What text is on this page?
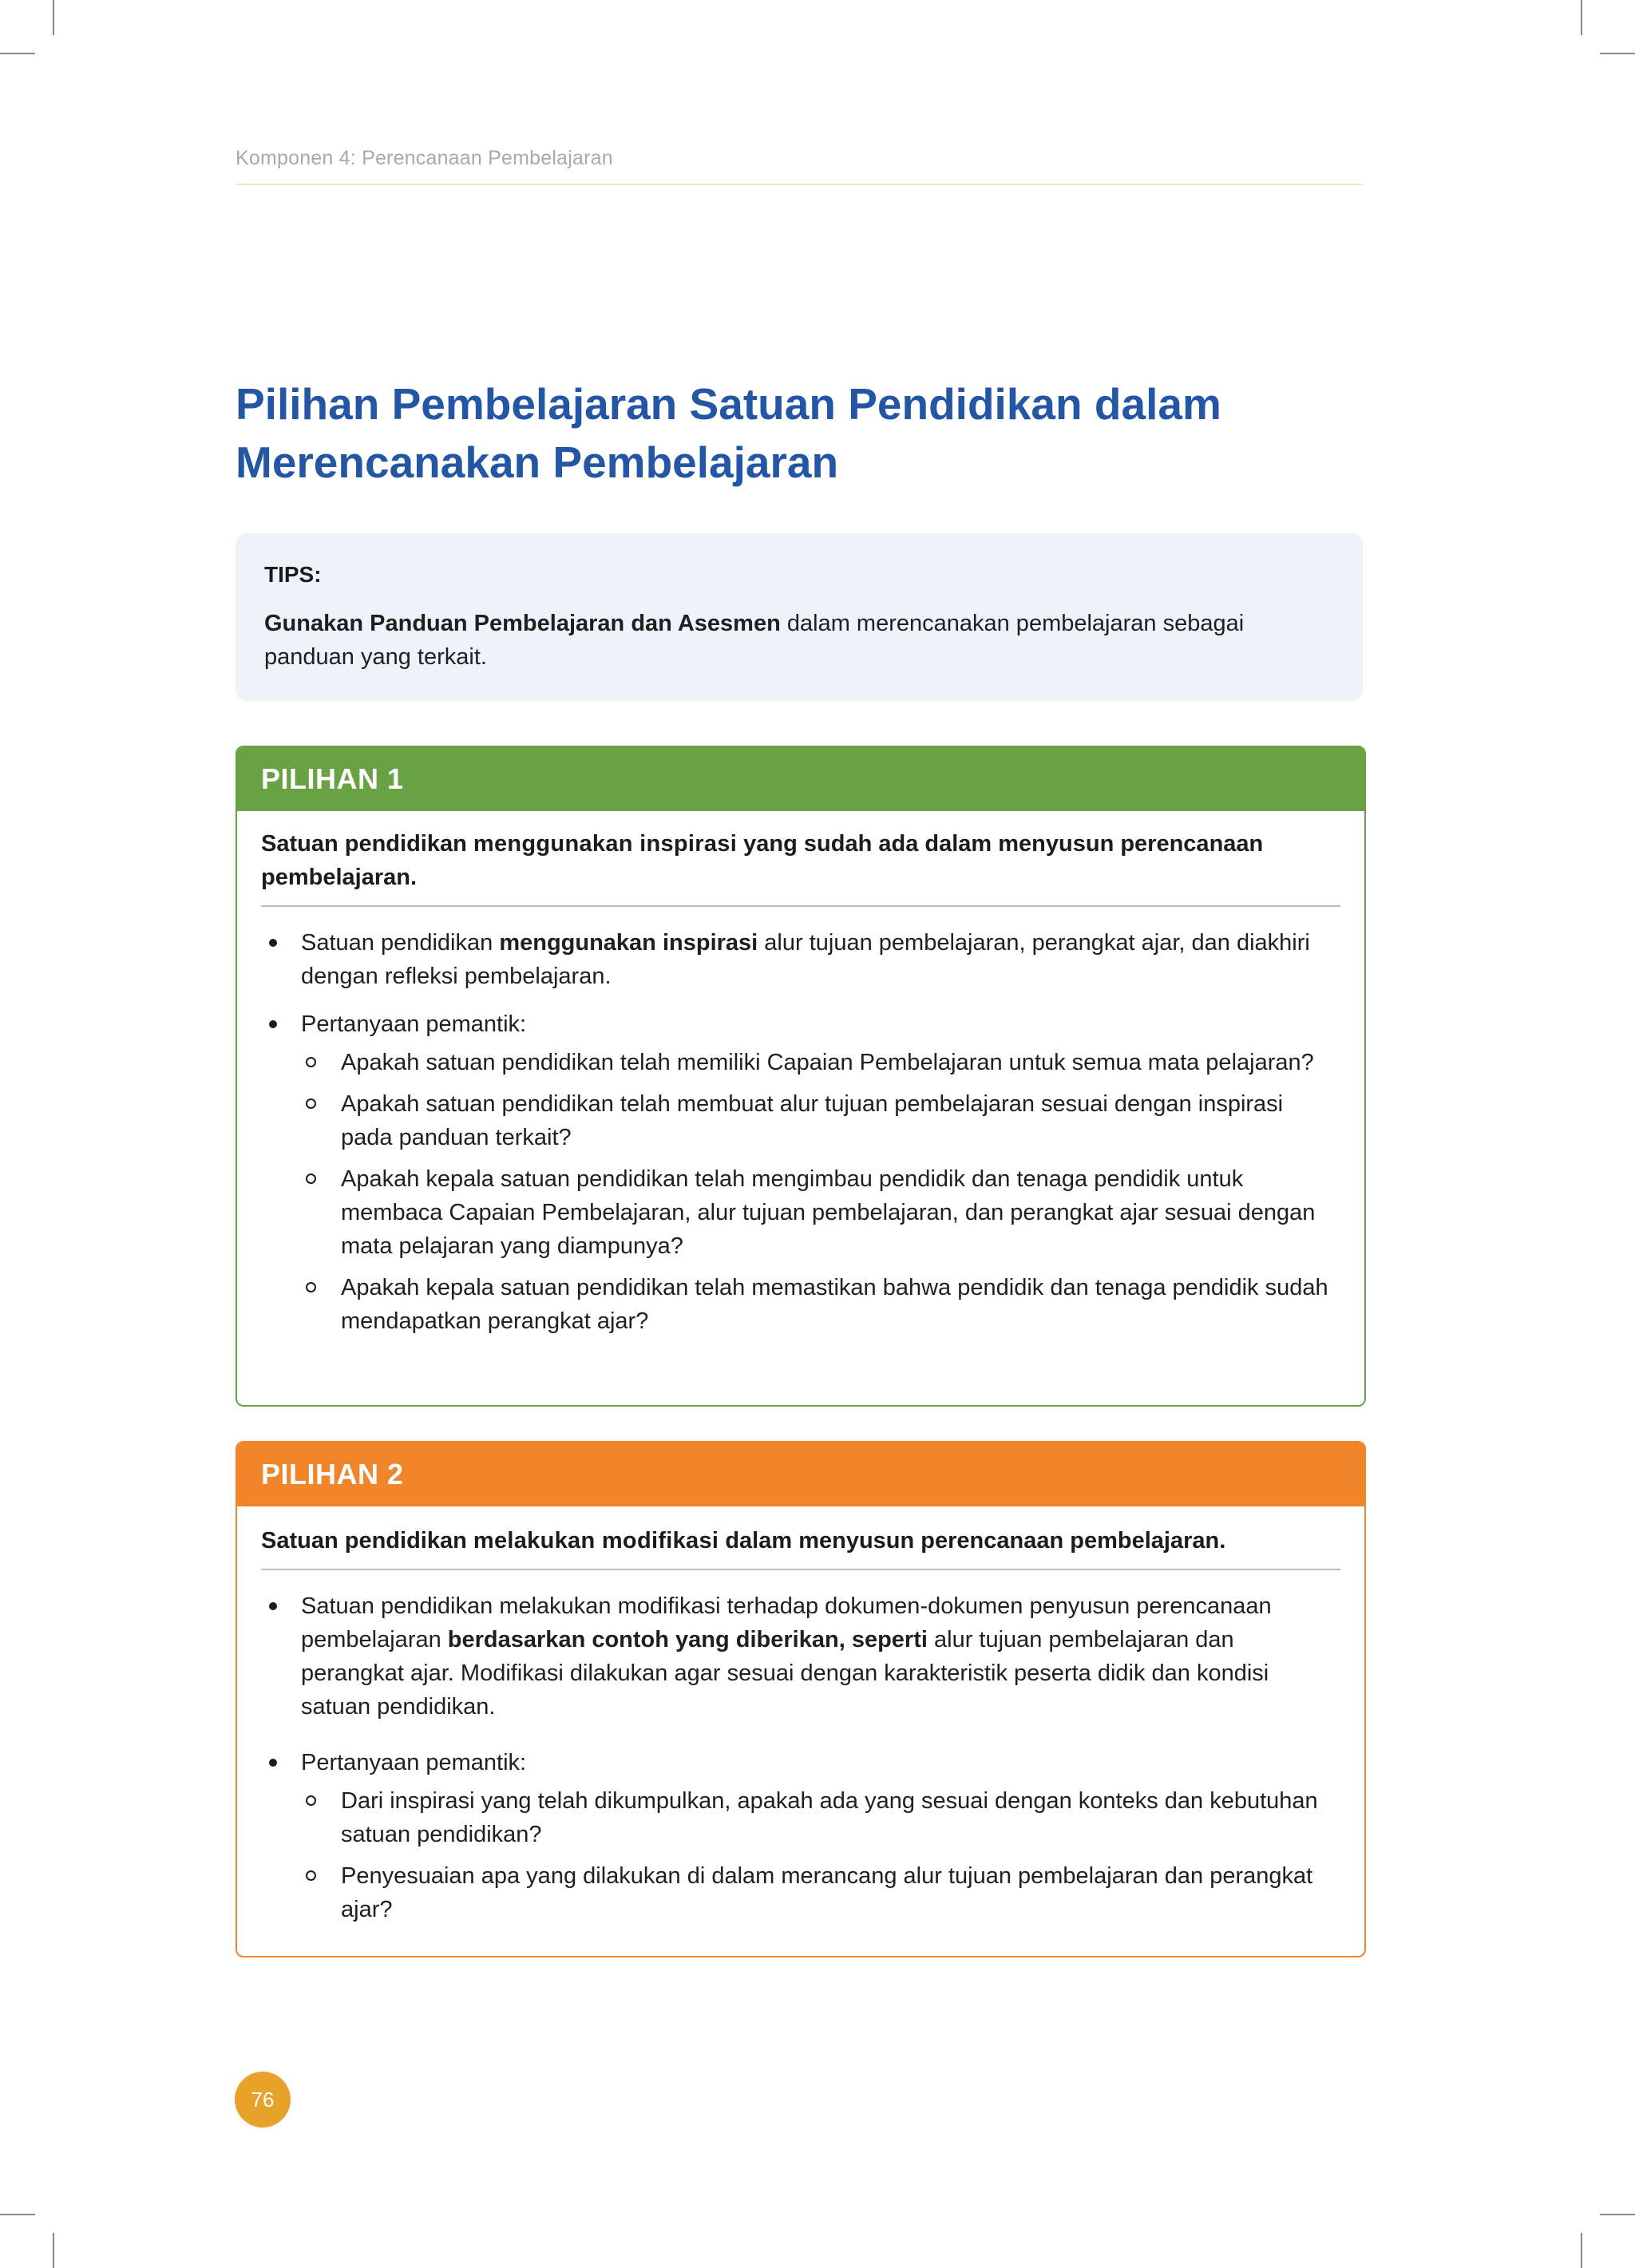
Komponen 4: Perencanaan Pembelajaran
Pilihan Pembelajaran Satuan Pendidikan dalam
Merencanakan Pembelajaran

TIPS:

Gunakan Panduan Pembelajaran dan Asesmen dalam merencanakan pembelajaran sebagai panduan yang terkait.

PILIHAN 1

Satuan pendidikan menggunakan inspirasi yang sudah ada dalam menyusun perencanaan pembelajaran.

Satuan pendidikan menggunakan inspirasi alur tujuan pembelajaran, perangkat ajar, dan diakhiri dengan refleksi pembelajaran.
Pertanyaan pemantik:
Apakah satuan pendidikan telah memiliki Capaian Pembelajaran untuk semua mata pelajaran?
Apakah satuan pendidikan telah membuat alur tujuan pembelajaran sesuai dengan inspirasi pada panduan terkait?
Apakah kepala satuan pendidikan telah mengimbau pendidik dan tenaga pendidik untuk membaca Capaian Pembelajaran, alur tujuan pembelajaran, dan perangkat ajar sesuai dengan mata pelajaran yang diampunya?
Apakah kepala satuan pendidikan telah memastikan bahwa pendidik dan tenaga pendidik sudah mendapatkan perangkat ajar?
PILIHAN 2

Satuan pendidikan melakukan modifikasi dalam menyusun perencanaan pembelajaran.

Satuan pendidikan melakukan modifikasi terhadap dokumen-dokumen penyusun perencanaan pembelajaran berdasarkan contoh yang diberikan, seperti alur tujuan pembelajaran dan perangkat ajar. Modifikasi dilakukan agar sesuai dengan karakteristik peserta didik dan kondisi satuan pendidikan.
Pertanyaan pemantik:
Dari inspirasi yang telah dikumpulkan, apakah ada yang sesuai dengan konteks dan kebutuhan satuan pendidikan?
Penyesuaian apa yang dilakukan di dalam merancang alur tujuan pembelajaran dan perangkat ajar?
76
